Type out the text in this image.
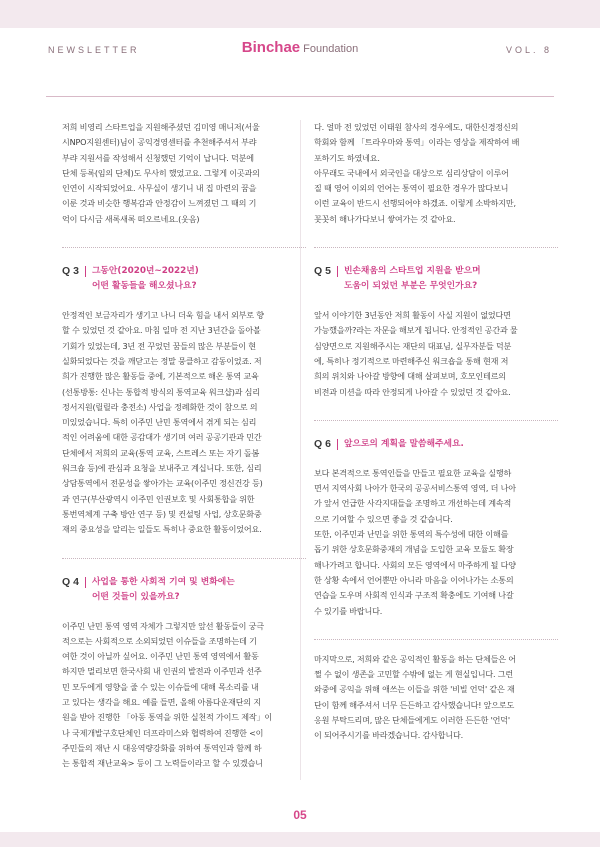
NEWSLETTER	Binchae Foundation	VOL. 8
저희 비영리 스타트업을 지원해주셨던 김미영 매니저(서울
시NPO지원센터)님이 공익경영센터를 추천해주셔서 부랴
부랴 지원서를 작성해서 신청했던 기억이 납니다. 덕분에
단체 등록(임의 단체)도 무사히 했었고요. 그렇게 이곳과의
인연이 시작되었어요. 사무실이 생기니 내 집 마련의 꿈을
이룬 것과 비슷한 행복감과 안정감이 느껴졌던 그 때의 기
억이 다시금 새록새록 떠오르네요.(웃음)
Q 3 그동안(2020년~2022년)
어떤 활동들을 해오셨나요?
안정적인 보금자리가 생기고 나니 더욱 힘을 내서 외부로 향
할 수 있었던 것 같아요. 마침 일마 전 지난 3년간을 돌아볼
기회가 있었는데, 3년 전 꾸었던 꿈들의 많은 부분들이 현
실화되었다는 것을 깨닫고는 정말 뭉클하고 감동이었죠. 저
희가 진행한 많은 활동들 중에, 기본적으로 해온 통역 교육
(선통방통: 신나는 통합적 방식의 통역교육 워크샵)과 심리
정서지원(릴릴라 충전소) 사업을 정례화한 것이 참으로 의
미있었습니다. 특히 이주민 난민 통역에서 겪게 되는 심리
적인 어려움에 대한 공감대가 생기며 여러 공공기관과 민간
단체에서 저희의 교육(통역 교육, 스트레스 또는 자기 돌봄
워크숍 등)에 관심과 요청을 보내주고 계십니다. 또한, 심리
상담통역에서 전문성을 쌓아가는 교육(이주민 정신건강 등)
과 연구(부산광역시 이주민 인권보호 및 사회통합을 위한
통번역체계 구축 방안 연구 등) 및 컨설팅 사업, 상호문화중
재의 중요성을 알리는 일들도 특히나 중요한 활동이었어요.
Q 4 사업을 통한 사회적 기여 및 변화에는
어떤 것들이 있을까요?
이주민 난민 통역 영역 자체가 그렇지만 앞선 활동들이 궁극
적으로는 사회적으로 소외되었던 이슈들을 조명하는데 기
여한 것이 아닐까 싶어요. 이주민 난민 통역 영역에서 활동
하지만 멀리보면 한국사회 내 인권의 발전과 이주민과 선주
민 모두에게 영향을 줄 수 있는 이슈들에 대해 목소리를 내
고 있다는 생각을 해요. 예를 들면, 올해 아름다운재단의 지
원을 받아 진행한 「아동 통역을 위한 실천적 가이드 제작」이
나 국제개발구호단체인 더프라미스와 협력하여 진행한 <이
주민들의 재난 시 대응역량강화를 위하여 통역인과 함께 하
는 통합적 재난교육> 등이 그 노력들이라고 할 수 있겠습니
다. 얼마 전 있었던 이태원 참사의 경우에도, 대한신경정신의
학회와 함께 「트라우마와 통역」이라는 영상을 제작하여 배
포하기도 하였네요.
아무래도 국내에서 외국인을 대상으로 심리상담이 이루어
질 때 영어 이외의 언어는 통역이 필요한 경우가 많다보니
이런 교육이 반드시 선행되어야 하겠죠. 이렇게 소박하지만,
꼿꼿히 해나가다보니 쌓여가는 것 같아요.
Q 5 빈손채움의 스타트업 지원을 받으며
도움이 되었던 부분은 무엇인가요?
앞서 이야기한 3년동안 저희 활동이 사실 지원이 없었다면
가능했을까?라는 자문을 해보게 됩니다. 안정적인 공간과 물
심양면으로 지원해주시는 재단의 대표님, 실무자분들 덕분
에, 특히나 정기적으로 마련해주신 워크숍을 통해 현재 저
희의 위치와 나아갈 방향에 대해 살펴보며, 호모인테르의
비전과 미션을 따라 안정되게 나아갈 수 있었던 것 같아요.
Q 6 앞으로의 계획을 말씀해주세요.
보다 본격적으로 통역인들을 만들고 필요한 교육을 실행하
면서 지역사회 나아가 한국의 공공서비스통역 영역, 더 나아
가 앞서 언급한 사각지대들을 조명하고 개선하는데 계속적
으로 기여할 수 있으면 좋을 것 같습니다.
또한, 이주민과 난민을 위한 통역의 특수성에 대한 이해를
돕기 위한 상호문화중재의 개념을 도입한 교육 모듈도 확장
해나가려고 합니다. 사회의 모든 영역에서 마주하게 될 다양
한 상황 속에서 언어뿐만 아니라 마음을 이어나가는 소통의
연습을 도우며 사회적 인식과 구조적 확충에도 기여해 나갈
수 있기를 바랍니다.
마지막으로, 저희와 같은 공익적인 활동을 하는 단체들은 어
쩔 수 없이 생존을 고민할 수밖에 없는 게 현실입니다. 그런
와중에 공익을 위해 애쓰는 이들을 위한 '비빌 언덕' 같은 재
단이 함께 해주셔서 너무 든든하고 감사했습니다! 앞으로도
응원 부탁드리며, 많은 단체들에게도 이러한 든든한 '언덕'
이 되어주시기를 바라겠습니다. 감사합니다.
05
